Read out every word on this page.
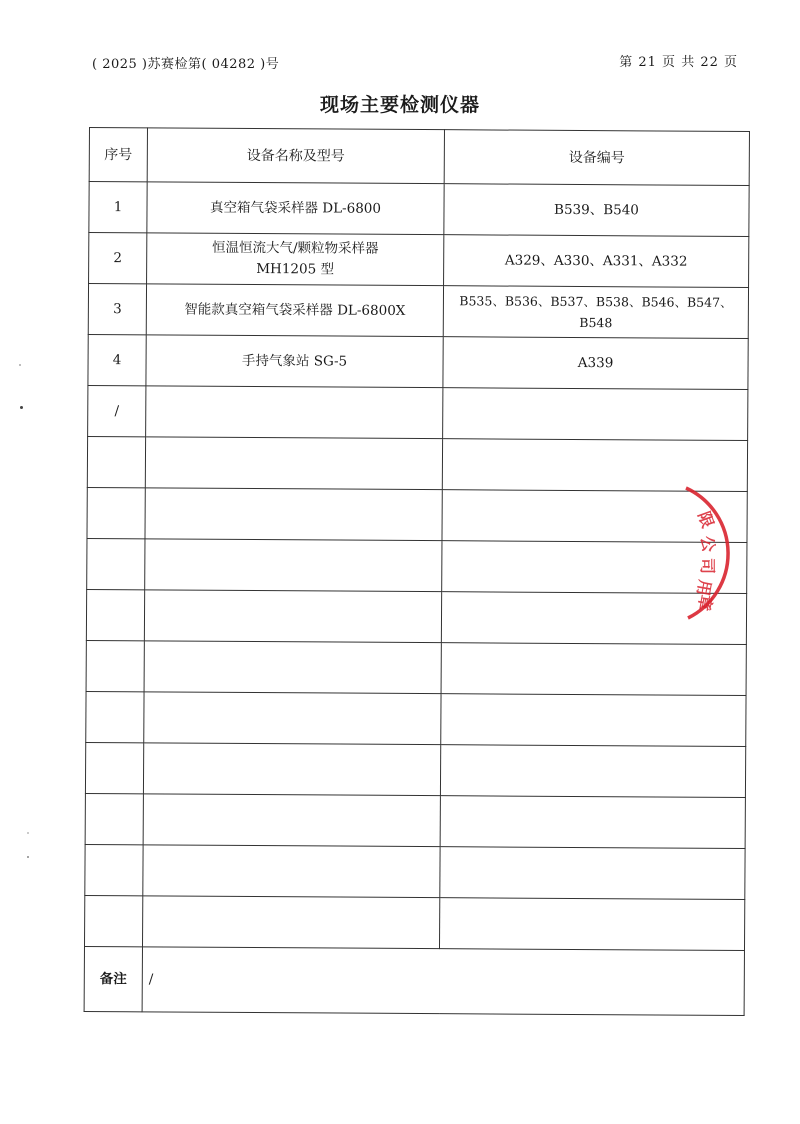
( 2025 )苏赛检第( 04282 )号	第 21 页 共 22 页
现场主要检测仪器
序号	设备名称及型号	设备编号
1	真空箱气袋采样器 DL-6800	B539、B540
2	恒温恒流大气/颗粒物采样器 MH1205 型	A329、A330、A331、A332
3	智能款真空箱气袋采样器 DL-6800X	B535、B536、B537、B538、B546、B547、B548
4	手持气象站 SG-5	A339
/		

备注	/	
限
公
司
用
章
